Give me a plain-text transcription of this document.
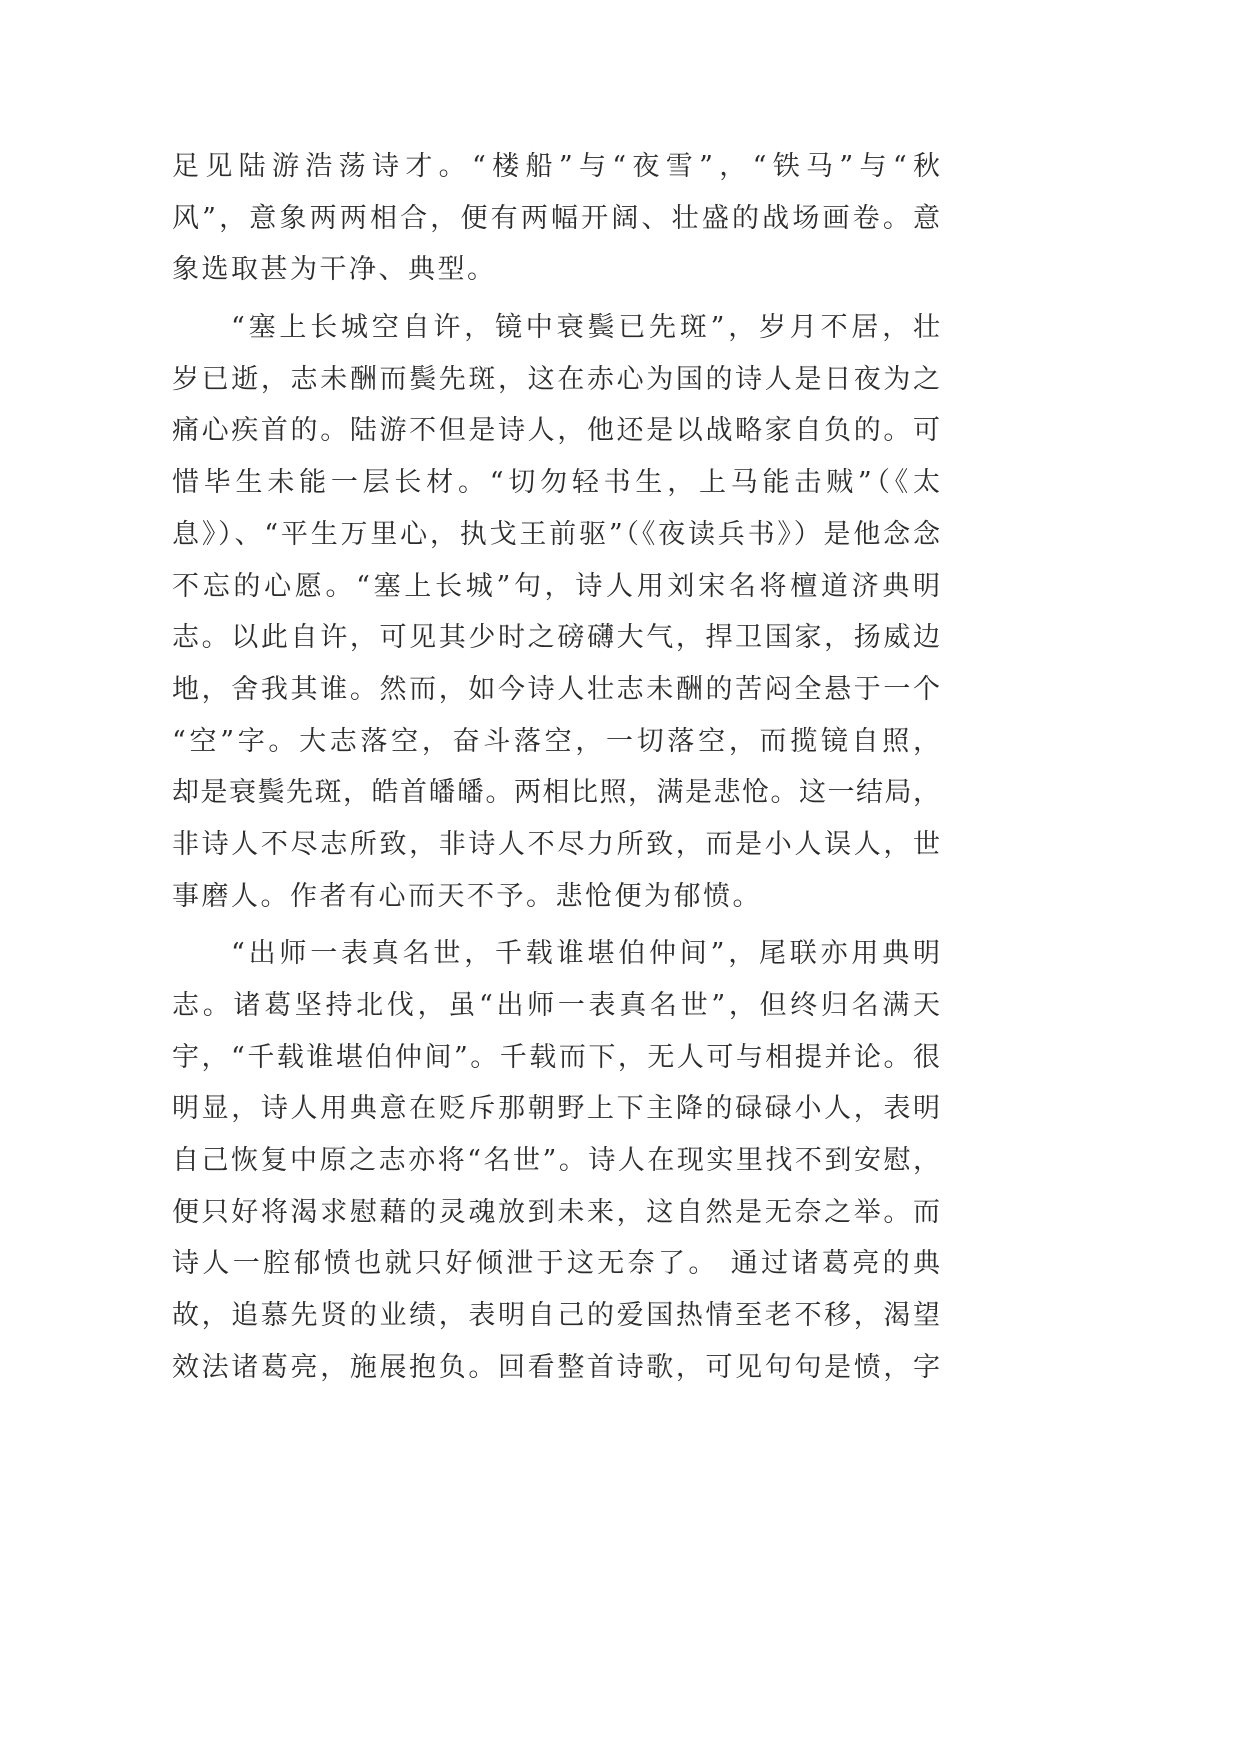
足见陆游浩荡诗才。“楼船”与“夜雪”，“铁马”与“秋
风”，意象两两相合，便有两幅开阔、壮盛的战场画卷。意
象选取甚为干净、典型。
“塞上长城空自许，镜中衰鬓已先斑”，岁月不居，壮
岁已逝，志未酬而鬓先斑，这在赤心为国的诗人是日夜为之
痛心疾首的。陆游不但是诗人，他还是以战略家自负的。可
惜毕生未能一层长材。“切勿轻书生，上马能击贼”（《太
息》）、“平生万里心，执戈王前驱”（《夜读兵书》）是他念念
不忘的心愿。“塞上长城”句，诗人用刘宋名将檀道济典明
志。以此自许，可见其少时之磅礴大气，捍卫国家，扬威边
地，舍我其谁。然而，如今诗人壮志未酬的苦闷全悬于一个
“空”字。大志落空，奋斗落空，一切落空，而揽镜自照，
却是衰鬓先斑，皓首皤皤。两相比照，满是悲怆。这一结局，
非诗人不尽志所致，非诗人不尽力所致，而是小人误人，世
事磨人。作者有心而天不予。悲怆便为郁愤。
“出师一表真名世，千载谁堪伯仲间”，尾联亦用典明
志。诸葛坚持北伐，虽“出师一表真名世”，但终归名满天
宇，“千载谁堪伯仲间”。千载而下，无人可与相提并论。很
明显，诗人用典意在贬斥那朝野上下主降的碌碌小人，表明
自己恢复中原之志亦将“名世”。诗人在现实里找不到安慰，
便只好将渴求慰藉的灵魂放到未来，这自然是无奈之举。而
诗人一腔郁愤也就只好倾泄于这无奈了。 通过诸葛亮的典
故，追慕先贤的业绩，表明自己的爱国热情至老不移，渴望
效法诸葛亮，施展抱负。回看整首诗歌，可见句句是愤，字
